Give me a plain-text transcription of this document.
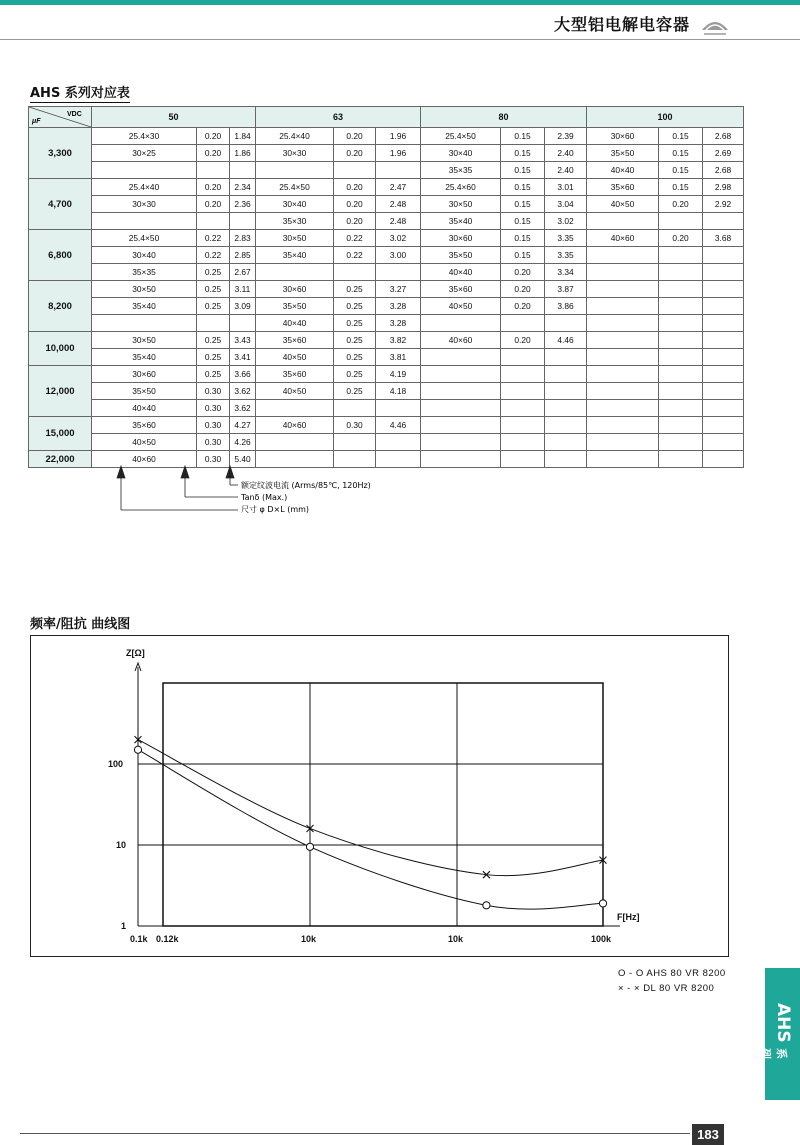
大型铝电解电容器
AHS 系列对应表
μF
VDC	50			63			80			100		
3,300	25.4×30	0.20	1.84	25.4×40	0.20	1.96	25.4×50	0.15	2.39	30×60	0.15	2.68
	30×25	0.20	1.86	30×30	0.20	1.96	30×40	0.15	2.40	35×50	0.15	2.69
							35×35	0.15	2.40	40×40	0.15	2.68
4,700	25.4×40	0.20	2.34	25.4×50	0.20	2.47	25.4×60	0.15	3.01	35×60	0.15	2.98
	30×30	0.20	2.36	30×40	0.20	2.48	30×50	0.15	3.04	40×50	0.20	2.92
				35×30	0.20	2.48	35×40	0.15	3.02			
6,800	25.4×50	0.22	2.83	30×50	0.22	3.02	30×60	0.15	3.35	40×60	0.20	3.68
	30×40	0.22	2.85	35×40	0.22	3.00	35×50	0.15	3.35			
	35×35	0.25	2.67				40×40	0.20	3.34			
8,200	30×50	0.25	3.11	30×60	0.25	3.27	35×60	0.20	3.87			
	35×40	0.25	3.09	35×50	0.25	3.28	40×50	0.20	3.86			
				40×40	0.25	3.28						
10,000	30×50	0.25	3.43	35×60	0.25	3.82	40×60	0.20	4.46			
	35×40	0.25	3.41	40×50	0.25	3.81						
12,000	30×60	0.25	3.66	35×60	0.25	4.19						
	35×50	0.30	3.62	40×50	0.25	4.18						
	40×40	0.30	3.62									
15,000	35×60	0.30	4.27	40×60	0.30	4.46						
	40×50	0.30	4.26									
22,000	40×60	0.30	5.40									
额定纹波电流 (Arms/85℃, 120Hz)
Tanδ (Max.)
尺寸 φ D×L (mm)
频率/阻抗 曲线图
Z[Ω]
F[Hz]
100
10
1
0.1k 0.12k	10k	10k	100k
O - O AHS 80 VR 8200
× - × DL 80 VR 8200
AHS
系列
183
